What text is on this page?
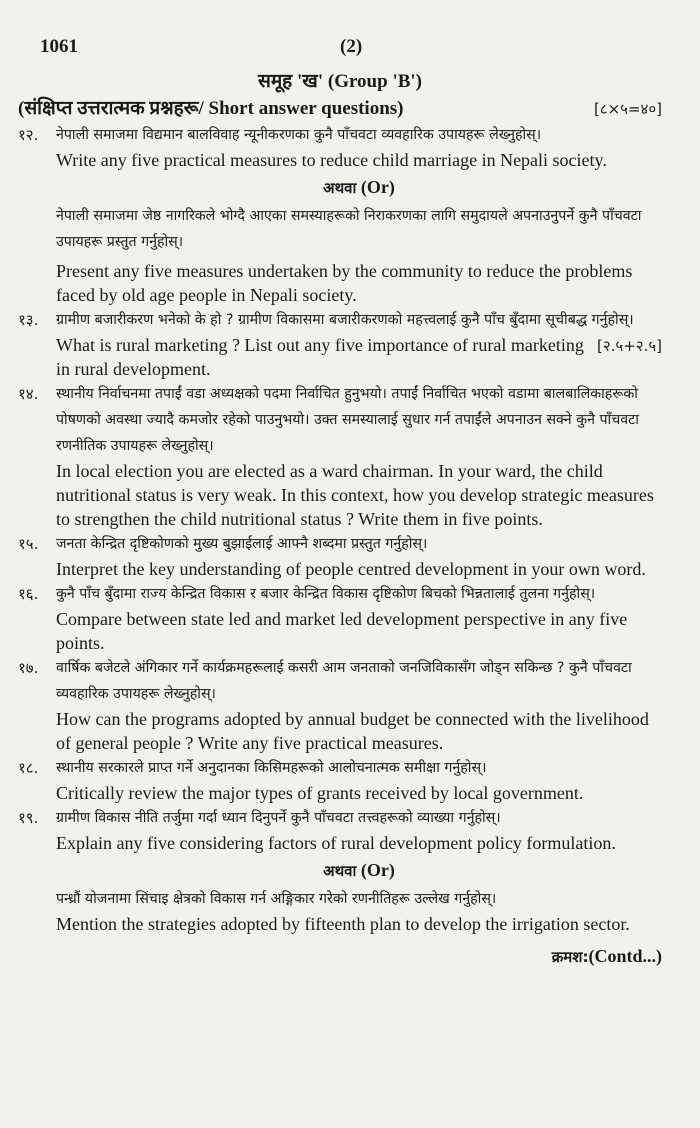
1061	(2)
समूह 'ख' (Group 'B')
(संक्षिप्त उत्तरात्मक प्रश्नहरू/ Short answer questions)	[८×५=४०]
१२. नेपाली समाजमा विद्यमान बालविवाह न्यूनीकरणका कुनै पाँचवटा व्यवहारिक उपायहरू लेख्नुहोस्।

Write any five practical measures to reduce child marriage in Nepali society.

अथवा (Or)

नेपाली समाजमा जेष्ठ नागरिकले भोग्दै आएका समस्याहरूको निराकरणका लागि समुदायले अपनाउनुपर्ने कुनै पाँचवटा उपायहरू प्रस्तुत गर्नुहोस्।

Present any five measures undertaken by the community to reduce the problems faced by old age people in Nepali society.

१३. ग्रामीण बजारीकरण भनेको के हो ? ग्रामीण विकासमा बजारीकरणको महत्त्वलाई कुनै पाँच बुँदामा सूचीबद्ध गर्नुहोस्।
[२.५+२.५]

What is rural marketing ? List out any five importance of rural marketing in rural development.

१४. स्थानीय निर्वाचनमा तपाईं वडा अध्यक्षको पदमा निर्वाचित हुनुभयो। तपाईं निर्वाचित भएको वडामा बालबालिकाहरूको पोषणको अवस्था ज्यादै कमजोर रहेको पाउनुभयो। उक्त समस्यालाई सुधार गर्न तपाईंले अपनाउन सक्ने कुनै पाँचवटा रणनीतिक उपायहरू लेख्नुहोस्।

In local election you are elected as a ward chairman. In your ward, the child nutritional status is very weak. In this context, how you develop strategic measures to strengthen the child nutritional status ? Write them in five points.

१५. जनता केन्द्रित दृष्टिकोणको मुख्य बुझाईलाई आफ्नै शब्दमा प्रस्तुत गर्नुहोस्।

Interpret the key understanding of people centred development in your own word.

१६. कुनै पाँच बुँदामा राज्य केन्द्रित विकास र बजार केन्द्रित विकास दृष्टिकोण बिचको भिन्नतालाई तुलना गर्नुहोस्।

Compare between state led and market led development perspective in any five points.

१७. वार्षिक बजेटले अंगिकार गर्ने कार्यक्रमहरूलाई कसरी आम जनताको जनजिविकासँग जोड्न सकिन्छ ? कुनै पाँचवटा व्यवहारिक उपायहरू लेख्नुहोस्।

How can the programs adopted by annual budget be connected with the livelihood of general people ? Write any five practical measures.

१८. स्थानीय सरकारले प्राप्त गर्ने अनुदानका किसिमहरूको आलोचनात्मक समीक्षा गर्नुहोस्।

Critically review the major types of grants received by local government.

१९. ग्रामीण विकास नीति तर्जुमा गर्दा ध्यान दिनुपर्ने कुनै पाँचवटा तत्त्वहरूको व्याख्या गर्नुहोस्।

Explain any five considering factors of rural development policy formulation.

अथवा (Or)

पन्ध्रौं योजनामा सिंचाइ क्षेत्रको विकास गर्न अङ्गिकार गरेको रणनीतिहरू उल्लेख गर्नुहोस्।

Mention the strategies adopted by fifteenth plan to develop the irrigation sector.

क्रमश:(Contd...)
